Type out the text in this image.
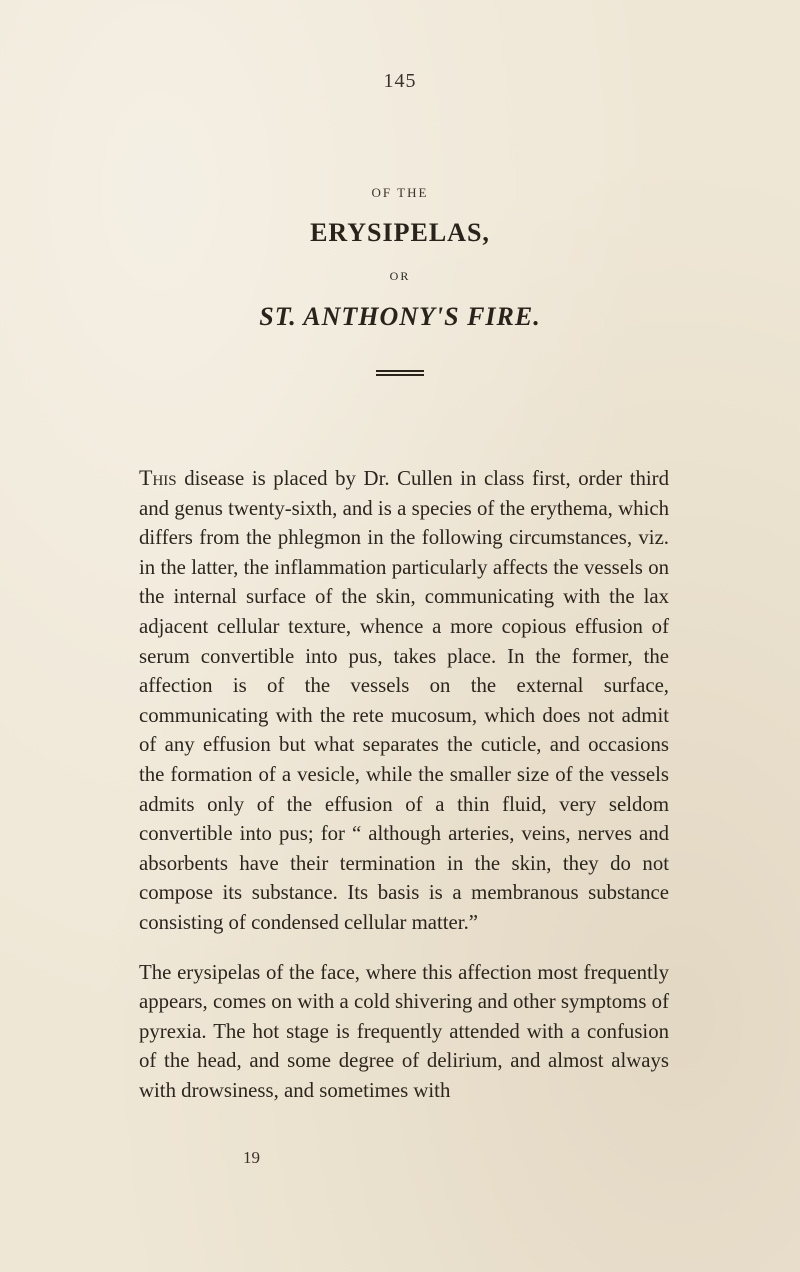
145
OF THE
ERYSIPELAS,
OR
ST. ANTHONY'S FIRE.

This disease is placed by Dr. Cullen in class first, order third and genus twenty-sixth, and is a species of the erythema, which differs from the phlegmon in the following circumstances, viz. in the latter, the inflammation particularly affects the vessels on the internal surface of the skin, communicating with the lax adjacent cellular texture, whence a more copious effusion of serum convertible into pus, takes place. In the former, the affection is of the vessels on the external surface, communicating with the rete mucosum, which does not admit of any effusion but what separates the cuticle, and occasions the formation of a vesicle, while the smaller size of the vessels admits only of the effusion of a thin fluid, very seldom convertible into pus; for “ although arteries, veins, nerves and absorbents have their termination in the skin, they do not compose its substance. Its basis is a membranous substance consisting of condensed cellular matter.”

The erysipelas of the face, where this affection most frequently appears, comes on with a cold shivering and other symptoms of pyrexia. The hot stage is frequently attended with a confusion of the head, and some degree of delirium, and almost always with drowsiness, and sometimes with

19
